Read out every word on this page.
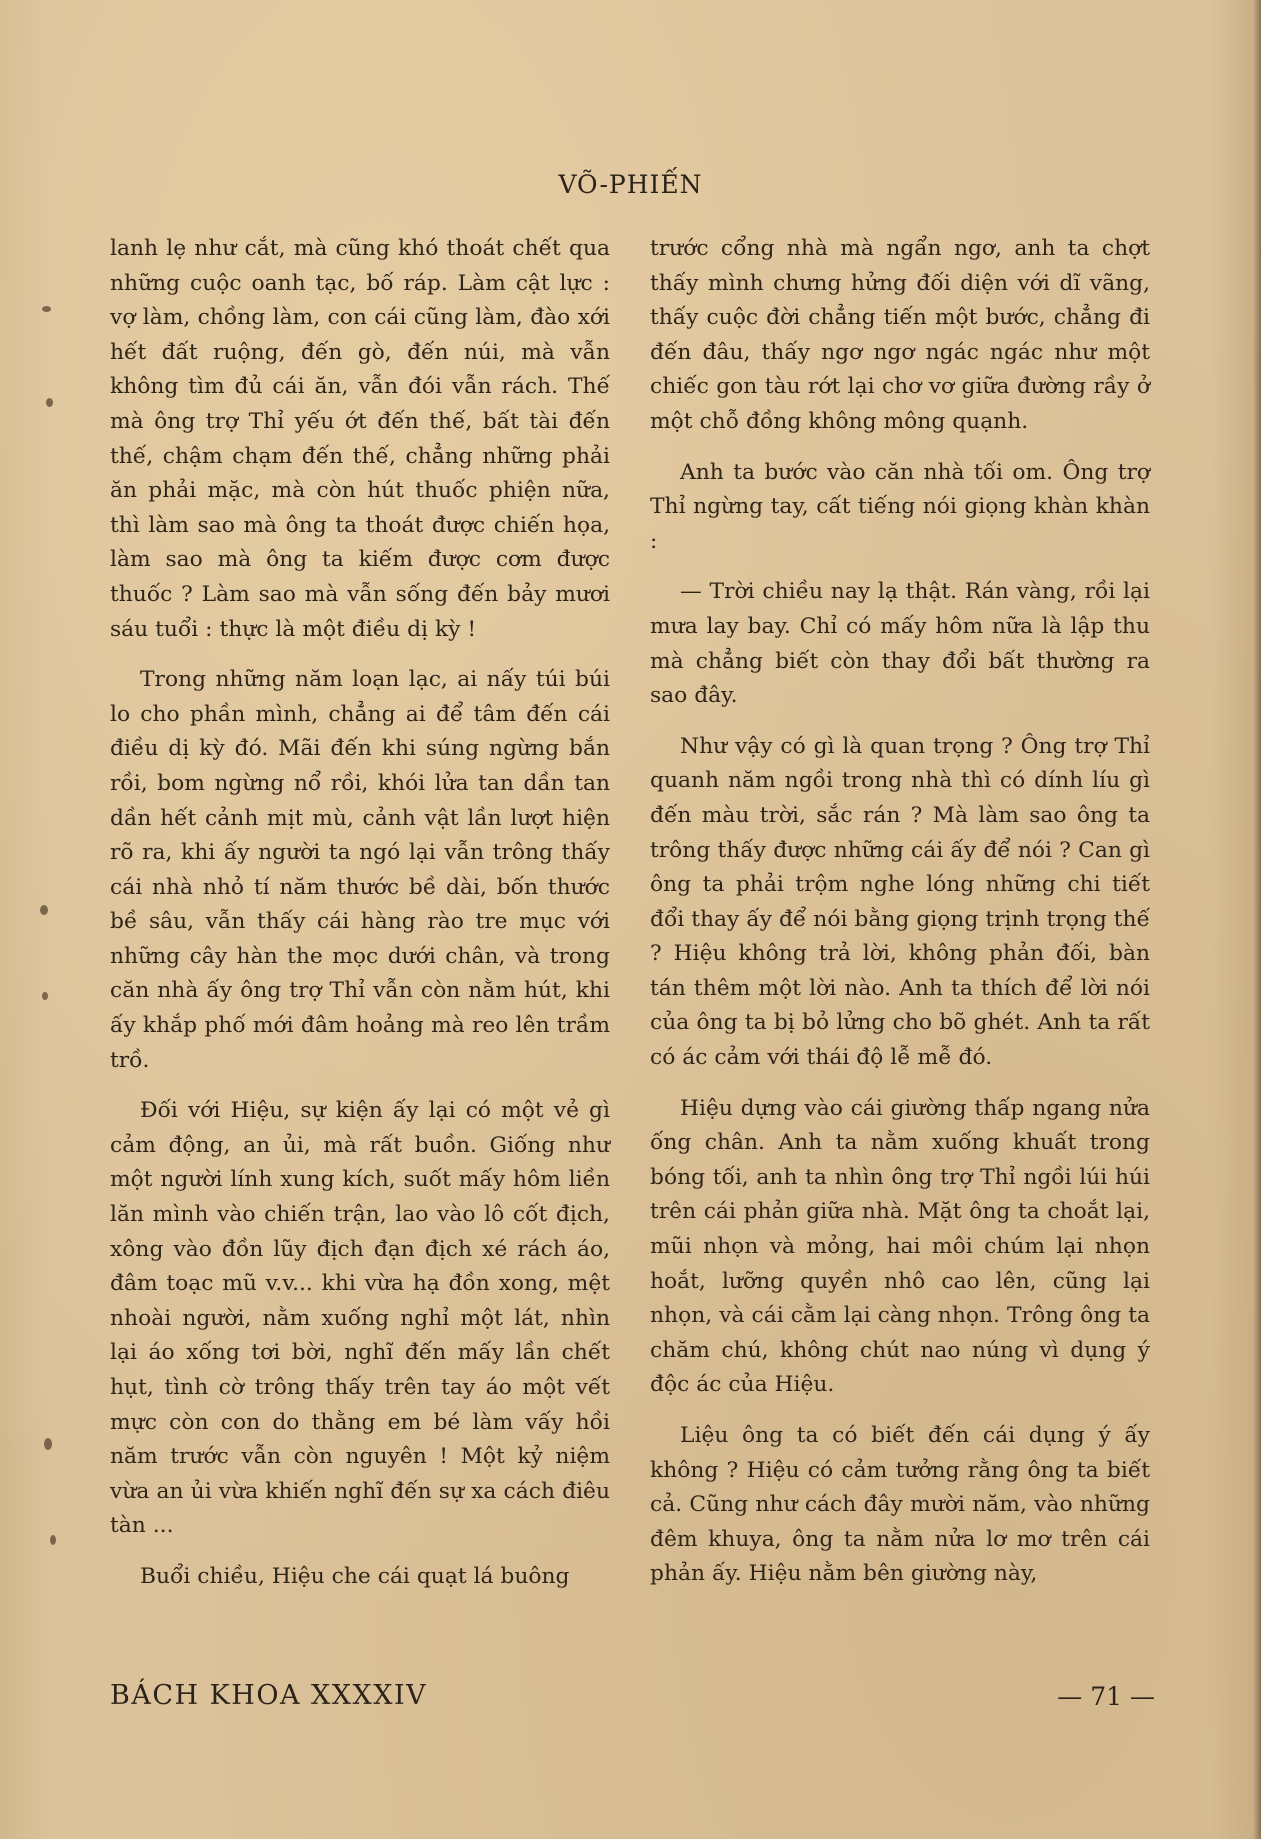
VÕ-PHIẾN

lanh lẹ như cắt, mà cũng khó thoát chết qua những cuộc oanh tạc, bố ráp. Làm cật lực : vợ làm, chồng làm, con cái cũng làm, đào xới hết đất ruộng, đến gò, đến núi, mà vẫn không tìm đủ cái ăn, vẫn đói vẫn rách. Thế mà ông trợ Thỉ yếu ớt đến thế, bất tài đến thế, chậm chạm đến thế, chẳng những phải ăn phải mặc, mà còn hút thuốc phiện nữa, thì làm sao mà ông ta thoát được chiến họa, làm sao mà ông ta kiếm được cơm được thuốc ? Làm sao mà vẫn sống đến bảy mươi sáu tuổi : thực là một điều dị kỳ !

Trong những năm loạn lạc, ai nấy túi búi lo cho phần mình, chẳng ai để tâm đến cái điều dị kỳ đó. Mãi đến khi súng ngừng bắn rồi, bom ngừng nổ rồi, khói lửa tan dần tan dần hết cảnh mịt mù, cảnh vật lần lượt hiện rõ ra, khi ấy người ta ngó lại vẫn trông thấy cái nhà nhỏ tí năm thước bề dài, bốn thước bề sâu, vẫn thấy cái hàng rào tre mục với những cây hàn the mọc dưới chân, và trong căn nhà ấy ông trợ Thỉ vẫn còn nằm hút, khi ấy khắp phố mới đâm hoảng mà reo lên trầm trồ.

Đối với Hiệu, sự kiện ấy lại có một vẻ gì cảm động, an ủi, mà rất buồn. Giống như một người lính xung kích, suốt mấy hôm liền lăn mình vào chiến trận, lao vào lô cốt địch, xông vào đồn lũy địch đạn địch xé rách áo, đâm toạc mũ v.v... khi vừa hạ đồn xong, mệt nhoài người, nằm xuống nghỉ một lát, nhìn lại áo xống tơi bời, nghĩ đến mấy lần chết hụt, tình cờ trông thấy trên tay áo một vết mực còn con do thằng em bé làm vấy hồi năm trước vẫn còn nguyên ! Một kỷ niệm vừa an ủi vừa khiến nghĩ đến sự xa cách điêu tàn ...

Buổi chiều, Hiệu che cái quạt lá buông

trước cổng nhà mà ngẩn ngơ, anh ta chợt thấy mình chưng hửng đối diện với dĩ vãng, thấy cuộc đời chẳng tiến một bước, chẳng đi đến đâu, thấy ngơ ngơ ngác ngác như một chiếc gon tàu rớt lại chơ vơ giữa đường rầy ở một chỗ đồng không mông quạnh.

Anh ta bước vào căn nhà tối om. Ông trợ Thỉ ngừng tay, cất tiếng nói giọng khàn khàn :

— Trời chiều nay lạ thật. Rán vàng, rồi lại mưa lay bay. Chỉ có mấy hôm nữa là lập thu mà chẳng biết còn thay đổi bất thường ra sao đây.

Như vậy có gì là quan trọng ? Ông trợ Thỉ quanh năm ngồi trong nhà thì có dính líu gì đến màu trời, sắc rán ? Mà làm sao ông ta trông thấy được những cái ấy để nói ? Can gì ông ta phải trộm nghe lóng những chi tiết đổi thay ấy để nói bằng giọng trịnh trọng thế ? Hiệu không trả lời, không phản đối, bàn tán thêm một lời nào. Anh ta thích để lời nói của ông ta bị bỏ lửng cho bõ ghét. Anh ta rất có ác cảm với thái độ lễ mễ đó.

Hiệu dựng vào cái giường thấp ngang nửa ống chân. Anh ta nằm xuống khuất trong bóng tối, anh ta nhìn ông trợ Thỉ ngồi lúi húi trên cái phản giữa nhà. Mặt ông ta choắt lại, mũi nhọn và mỏng, hai môi chúm lại nhọn hoắt, lưỡng quyền nhô cao lên, cũng lại nhọn, và cái cằm lại càng nhọn. Trông ông ta chăm chú, không chút nao núng vì dụng ý độc ác của Hiệu.

Liệu ông ta có biết đến cái dụng ý ấy không ? Hiệu có cảm tưởng rằng ông ta biết cả. Cũng như cách đây mười năm, vào những đêm khuya, ông ta nằm nửa lơ mơ trên cái phản ấy. Hiệu nằm bên giường này,

BÁCH KHOA XXXXIV	— 71 —
